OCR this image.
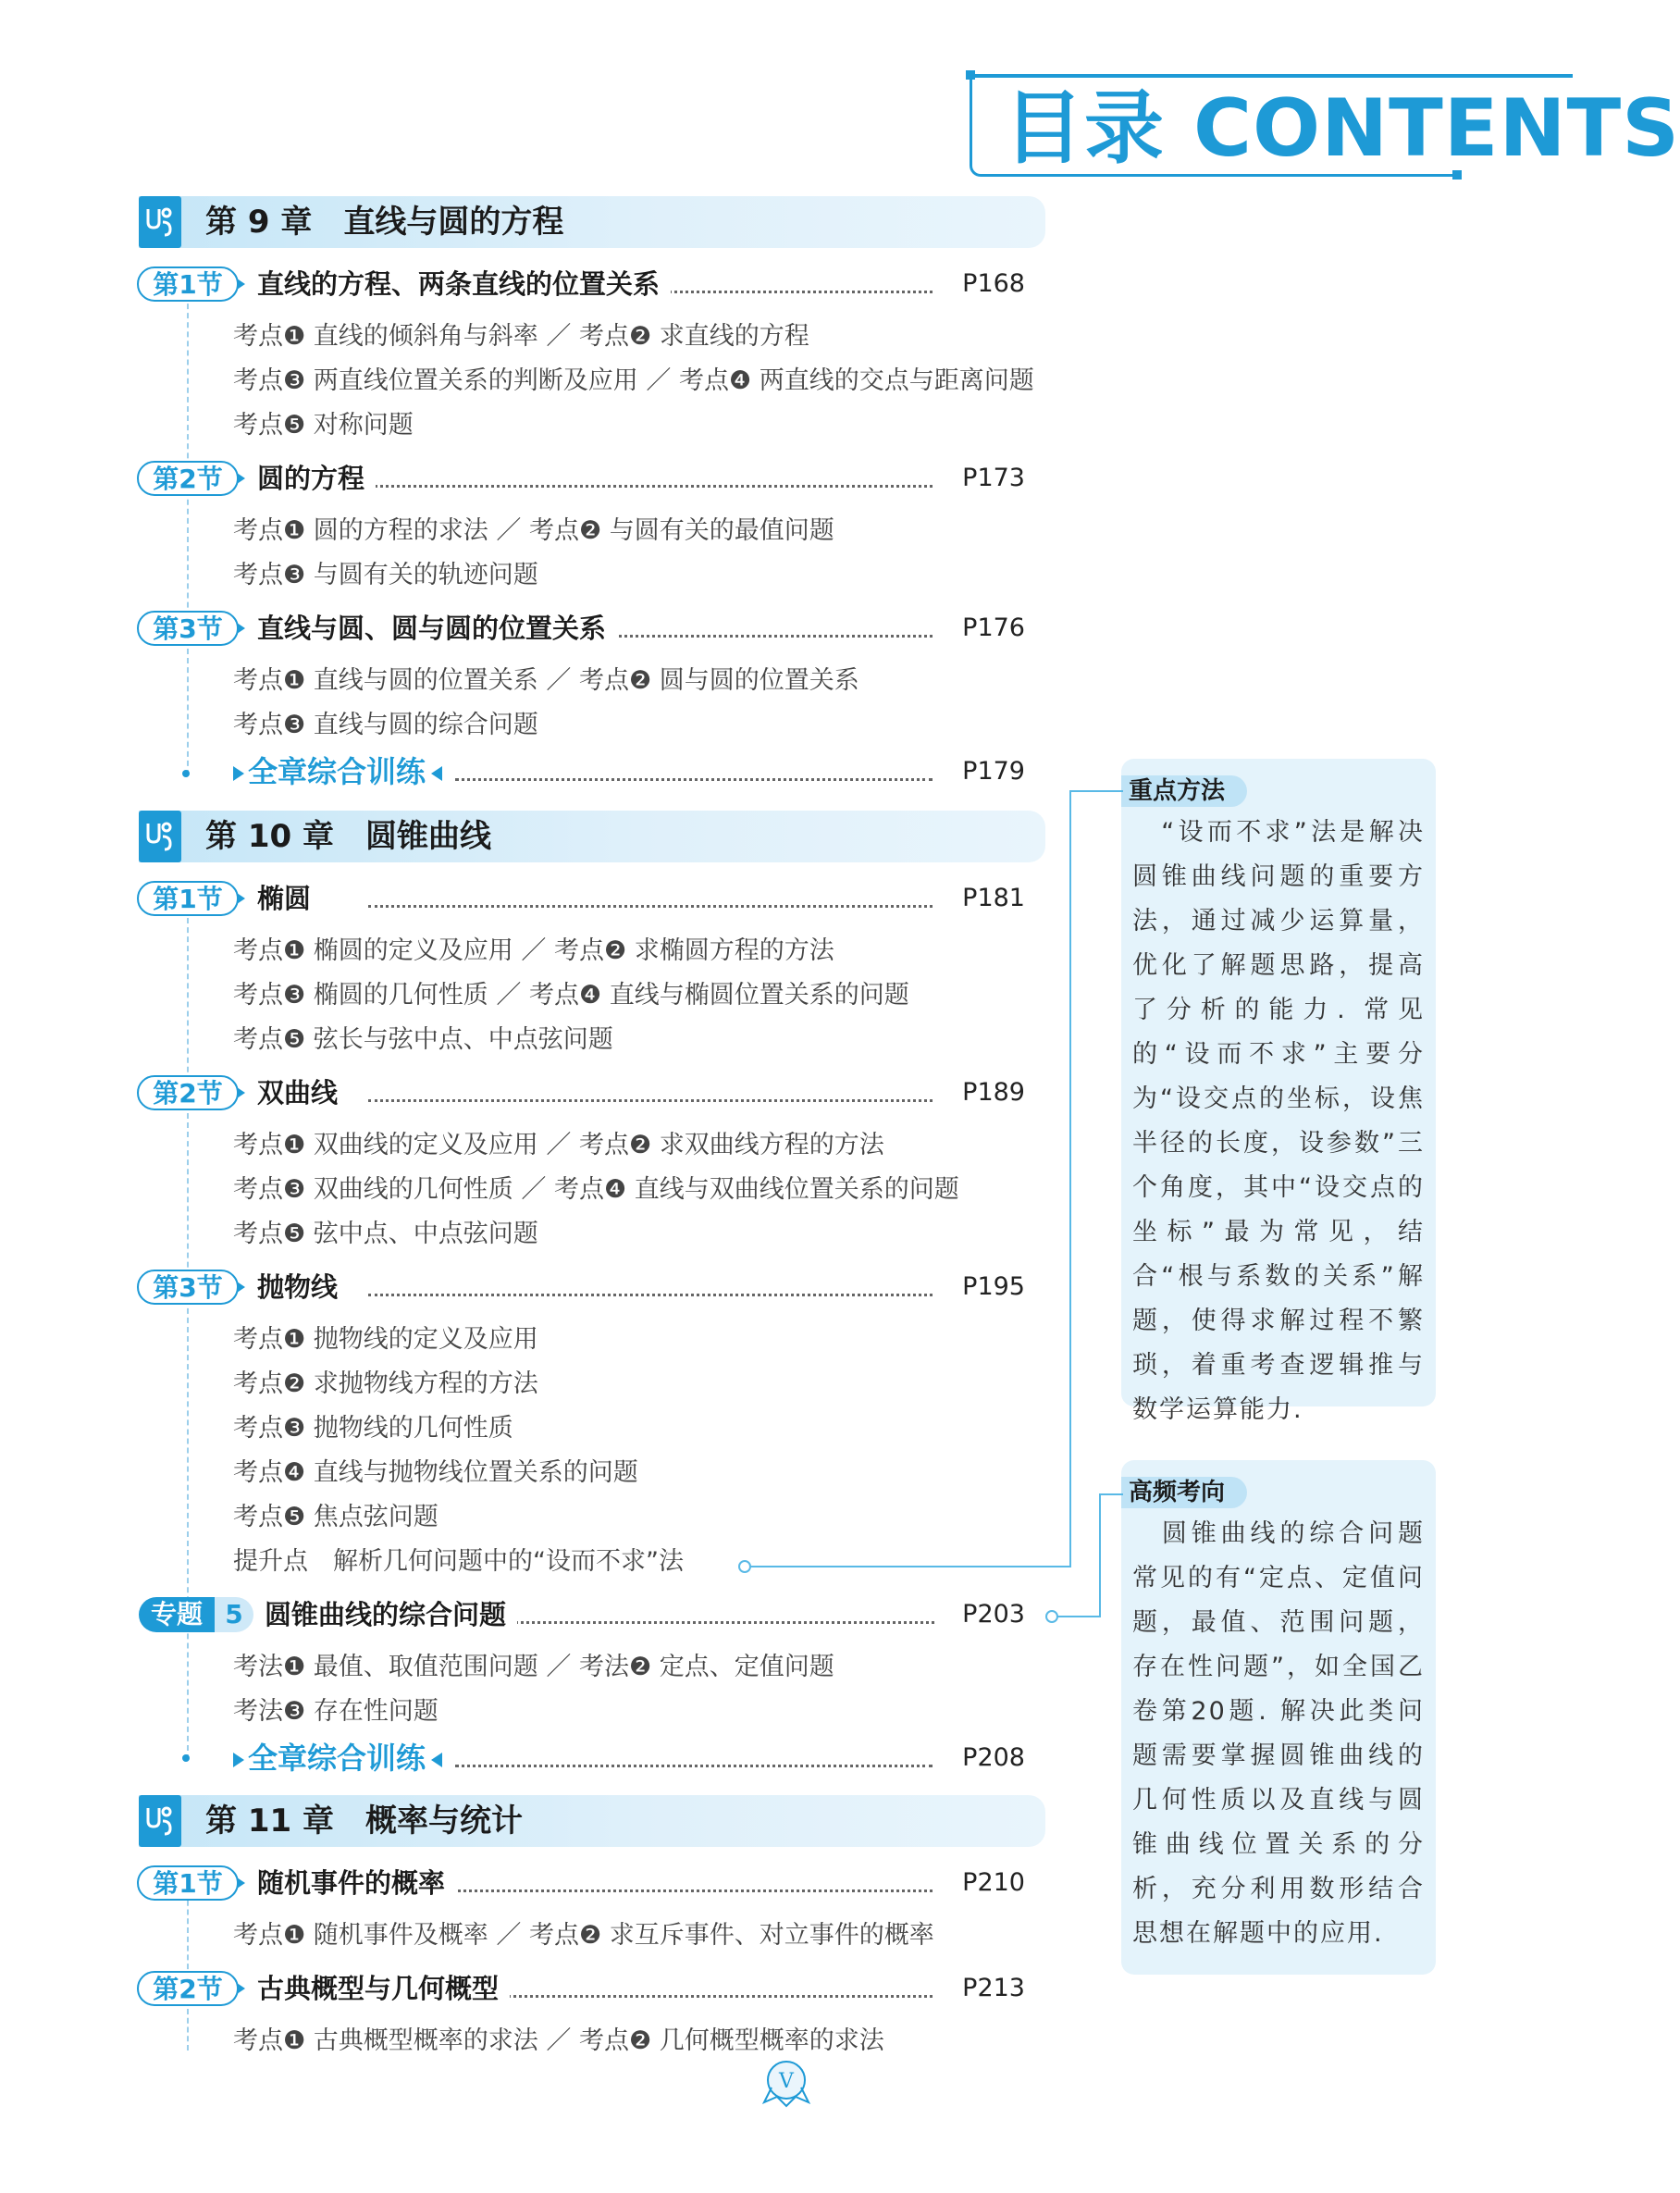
目录 CONTENTS
第 9 章　直线与圆的方程
第1节	直线的方程、两条直线的位置关系	P168
考点❶ 直线的倾斜角与斜率 ／ 考点❷ 求直线的方程
考点❸ 两直线位置关系的判断及应用 ／ 考点❹ 两直线的交点与距离问题
考点❺ 对称问题
第2节	圆的方程	P173
考点❶ 圆的方程的求法 ／ 考点❷ 与圆有关的最值问题
考点❸ 与圆有关的轨迹问题
第3节	直线与圆、圆与圆的位置关系	P176
考点❶ 直线与圆的位置关系 ／ 考点❷ 圆与圆的位置关系
考点❸ 直线与圆的综合问题
全章综合训练	P179
第 10 章　圆锥曲线
第1节	椭圆	P181
考点❶ 椭圆的定义及应用 ／ 考点❷ 求椭圆方程的方法
考点❸ 椭圆的几何性质 ／ 考点❹ 直线与椭圆位置关系的问题
考点❺ 弦长与弦中点、中点弦问题
第2节	双曲线	P189
考点❶ 双曲线的定义及应用 ／ 考点❷ 求双曲线方程的方法
考点❸ 双曲线的几何性质 ／ 考点❹ 直线与双曲线位置关系的问题
考点❺ 弦中点、中点弦问题
第3节	抛物线	P195
考点❶ 抛物线的定义及应用
考点❷ 求抛物线方程的方法
考点❸ 抛物线的几何性质
考点❹ 直线与抛物线位置关系的问题
考点❺ 焦点弦问题
提升点　解析几何问题中的“设而不求”法
专题 5 圆锥曲线的综合问题	P203
考法❶ 最值、取值范围问题 ／ 考法❷ 定点、定值问题
考法❸ 存在性问题
全章综合训练	P208
第 11 章　概率与统计
第1节	随机事件的概率	P210
考点❶ 随机事件及概率 ／ 考点❷ 求互斥事件、对立事件的概率
第2节	古典概型与几何概型	P213
考点❶ 古典概型概率的求法 ／ 考点❷ 几何概型概率的求法
重点方法
　“设而不求”法是解决圆锥曲线问题的重要方法，通过减少运算量，优化了解题思路，提高了分析的能力. 常见的“设而不求”主要分为“设交点的坐标，设焦半径的长度，设参数”三个角度，其中“设交点的坐标”最为常见，结合“根与系数的关系”解题，使得求解过程不繁琐，着重考查逻辑推与数学运算能力.
高频考向
　圆锥曲线的综合问题常见的有“定点、定值问题，最值、范围问题，存在性问题”，如全国乙卷第20题. 解决此类问题需要掌握圆锥曲线的几何性质以及直线与圆锥曲线位置关系的分析，充分利用数形结合思想在解题中的应用.
V
